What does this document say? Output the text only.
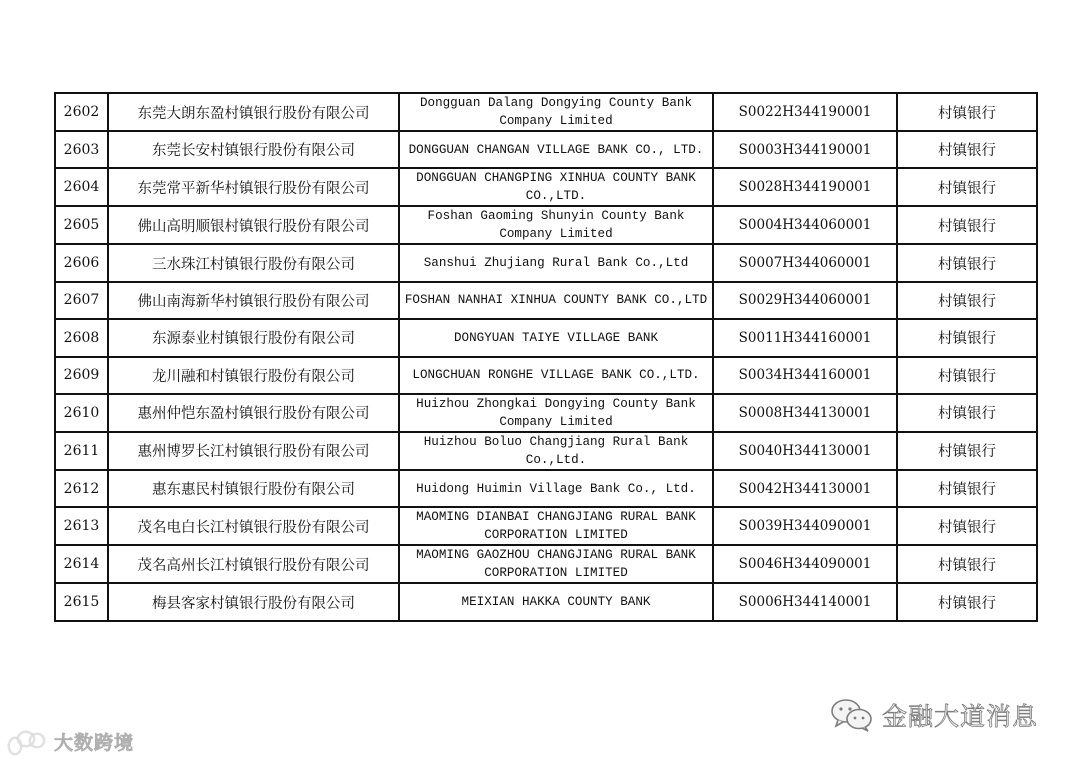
2602	东莞大朗东盈村镇银行股份有限公司	Dongguan Dalang Dongying County Bank
Company Limited	S0022H344190001	村镇银行
2603	东莞长安村镇银行股份有限公司	DONGGUAN CHANGAN VILLAGE BANK CO., LTD.	S0003H344190001	村镇银行
2604	东莞常平新华村镇银行股份有限公司	DONGGUAN CHANGPING XINHUA COUNTY BANK
CO.,LTD.	S0028H344190001	村镇银行
2605	佛山高明顺银村镇银行股份有限公司	Foshan Gaoming Shunyin County Bank
Company Limited	S0004H344060001	村镇银行
2606	三水珠江村镇银行股份有限公司	Sanshui Zhujiang Rural Bank Co.,Ltd	S0007H344060001	村镇银行
2607	佛山南海新华村镇银行股份有限公司	FOSHAN NANHAI XINHUA COUNTY BANK CO.,LTD	S0029H344060001	村镇银行
2608	东源泰业村镇银行股份有限公司	DONGYUAN TAIYE VILLAGE BANK	S0011H344160001	村镇银行
2609	龙川融和村镇银行股份有限公司	LONGCHUAN RONGHE VILLAGE BANK CO.,LTD.	S0034H344160001	村镇银行
2610	惠州仲恺东盈村镇银行股份有限公司	Huizhou Zhongkai Dongying County Bank
Company Limited	S0008H344130001	村镇银行
2611	惠州博罗长江村镇银行股份有限公司	Huizhou Boluo Changjiang Rural Bank
Co.,Ltd.	S0040H344130001	村镇银行
2612	惠东惠民村镇银行股份有限公司	Huidong Huimin Village Bank Co., Ltd.	S0042H344130001	村镇银行
2613	茂名电白长江村镇银行股份有限公司	MAOMING DIANBAI CHANGJIANG RURAL BANK
CORPORATION LIMITED	S0039H344090001	村镇银行
2614	茂名高州长江村镇银行股份有限公司	MAOMING GAOZHOU CHANGJIANG RURAL BANK
CORPORATION LIMITED	S0046H344090001	村镇银行
2615	梅县客家村镇银行股份有限公司	MEIXIAN HAKKA COUNTY BANK	S0006H344140001	村镇银行
大数跨境
金融大道消息
